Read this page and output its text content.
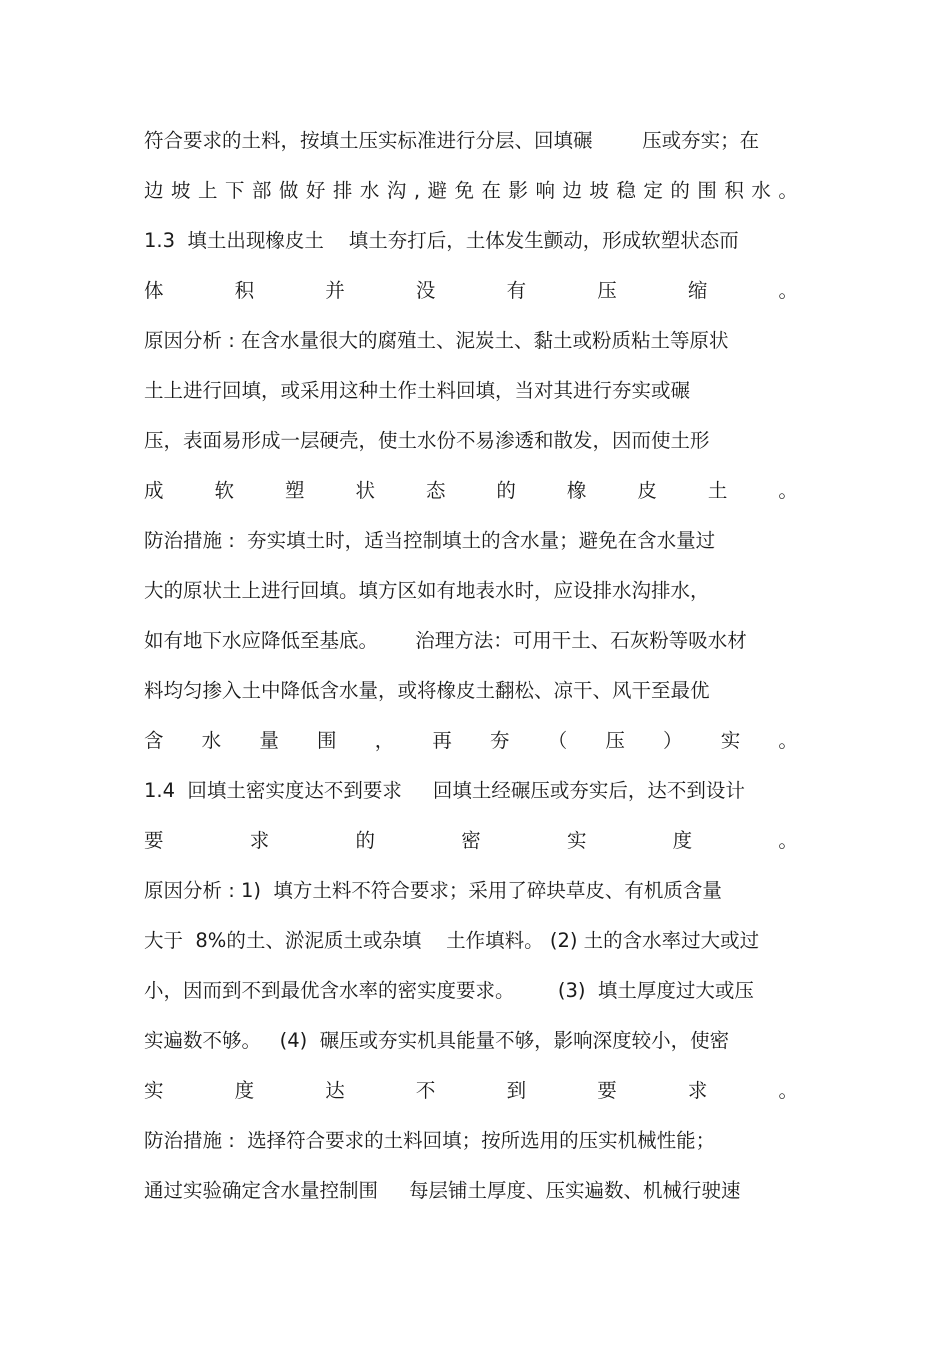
符合要求的土料，按填土压实标准进行分层、回填碾        压或夯实；在
边 坡 上 下 部 做 好 排 水 沟 , 避 免 在 影 响 边 坡 稳 定 的 围 积 水 。
1.3  填土出现橡皮土    填土夯打后，土体发生颤动，形成软塑状态而
体	积	并	没	有	压	缩	。
原因分析 : 在含水量很大的腐殖土、泥炭土、黏土或粉质粘土等原状
土上进行回填，或采用这种土作土料回填，当对其进行夯实或碾
压，表面易形成一层硬壳，使土水份不易渗透和散发，因而使土形
成	软	塑	状	态	的	橡	皮	土	。
防治措施 :  夯实填土时，适当控制填土的含水量；避免在含水量过
大的原状土上进行回填。填方区如有地表水时，应设排水沟排水，
如有地下水应降低至基底。      治理方法：可用干土、石灰粉等吸水材
料均匀掺入土中降低含水量，或将橡皮土翻松、凉干、风干至最优
含 水 量 围 ， 再 夯 （ 压 ） 实 。
1.4  回填土密实度达不到要求     回填土经碾压或夯实后，达不到设计
要	求	的	密	实	度	。
原因分析 : 1)  填方土料不符合要求；采用了碎块草皮、有机质含量
大于  8%的土、淤泥质土或杂填    土作填料。 (2) 土的含水率过大或过
小，因而到不到最优含水率的密实度要求。       (3)  填土厚度过大或压
实遍数不够。   (4)  碾压或夯实机具能量不够，影响深度较小，使密
实	度	达	不	到	要	求	。
防治措施 :  选择符合要求的土料回填；按所选用的压实机械性能；
通过实验确定含水量控制围     每层铺土厚度、压实遍数、机械行驶速
